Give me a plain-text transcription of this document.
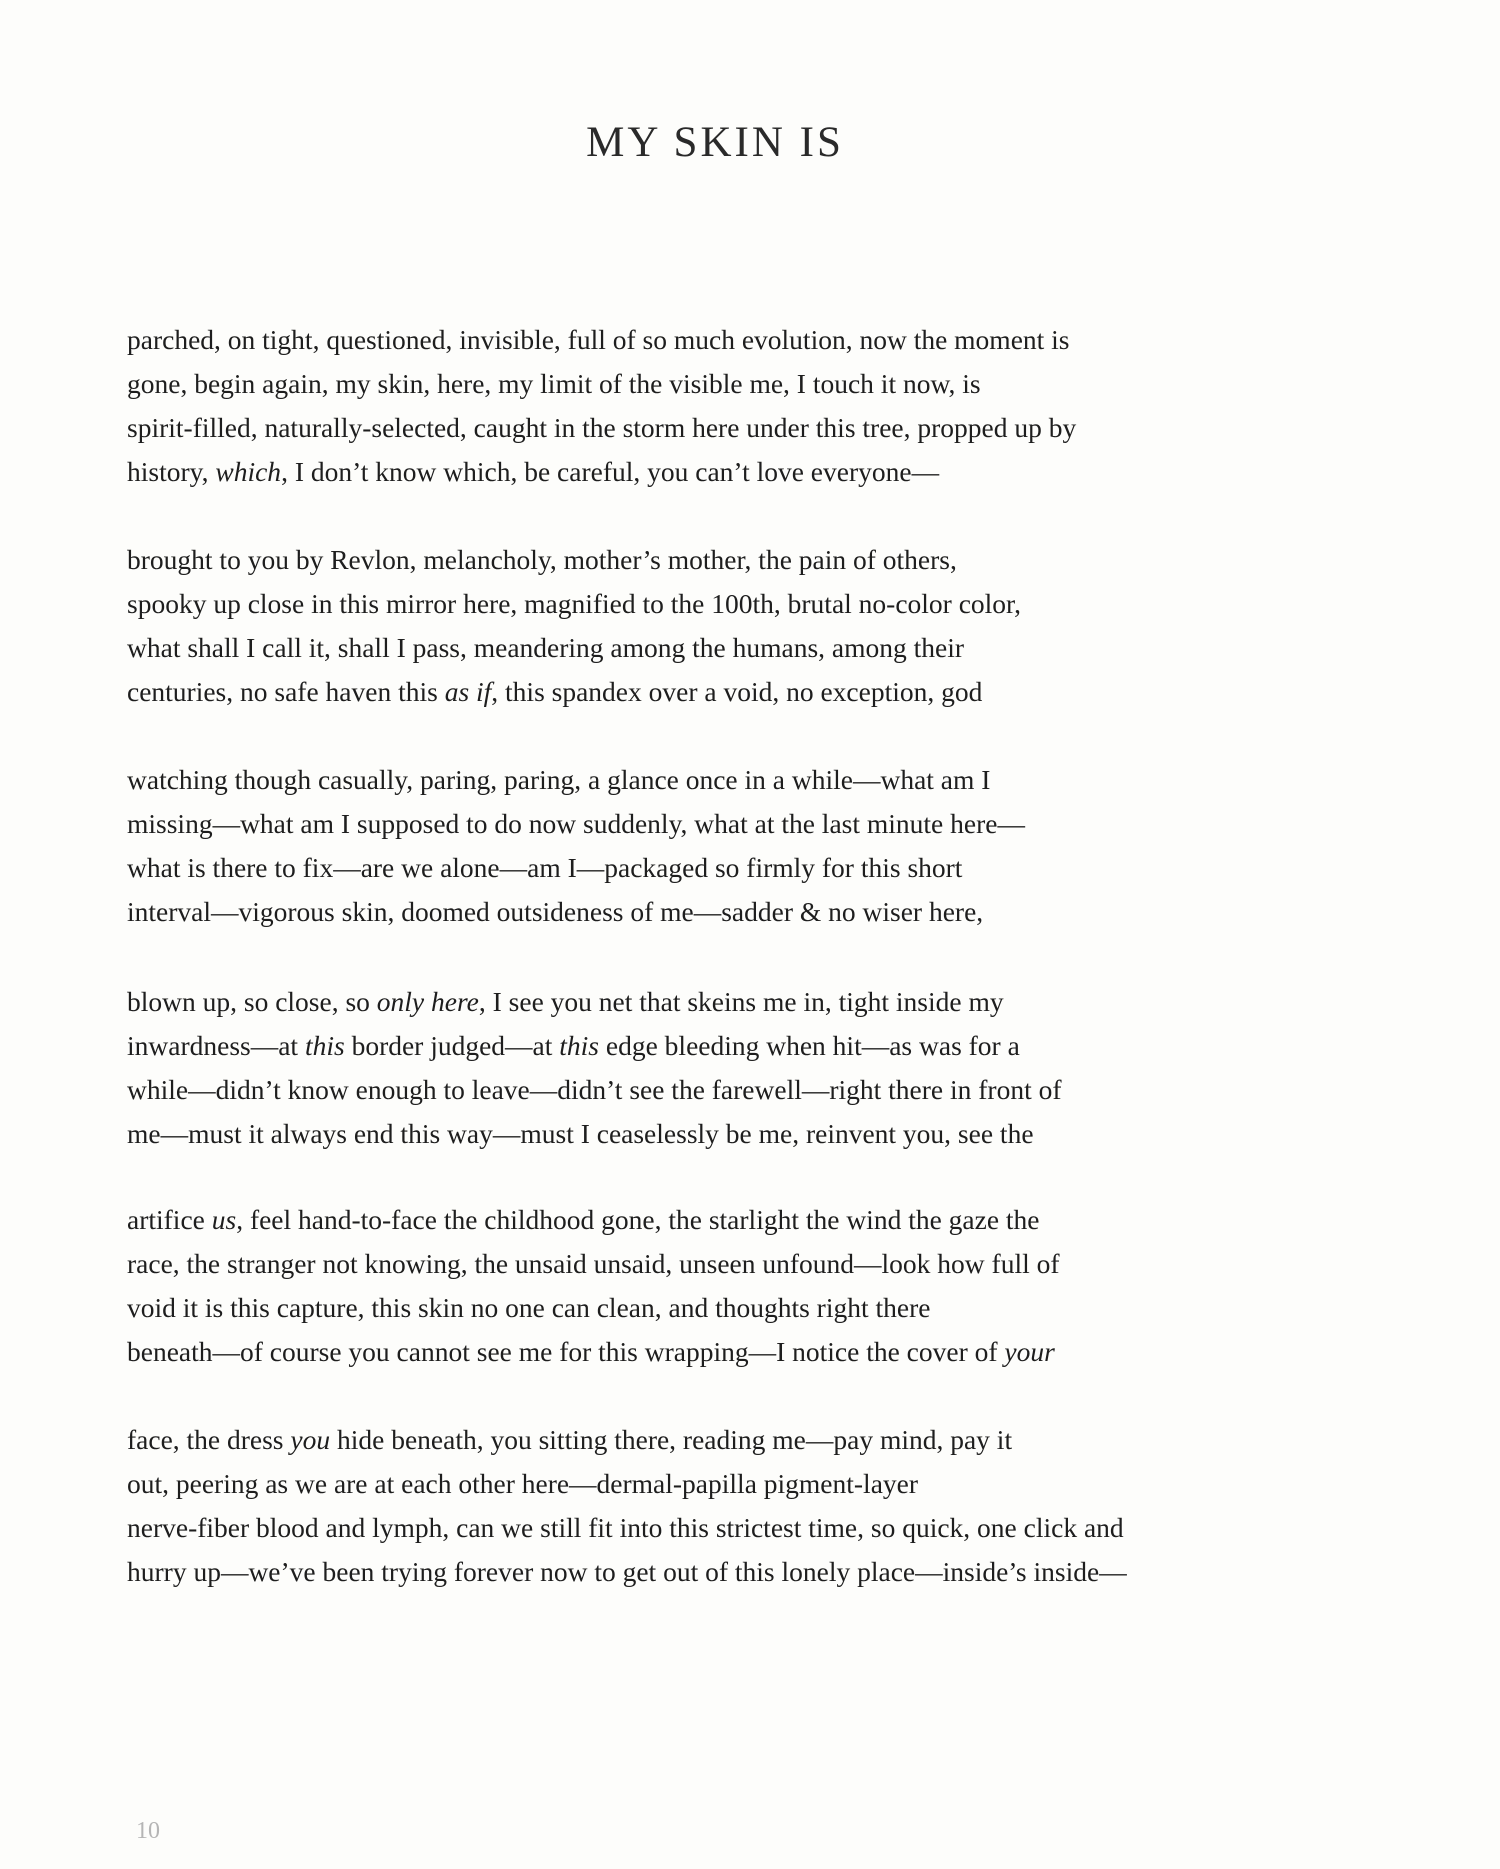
MY SKIN IS
parched, on tight, questioned, invisible, full of so much evolution, now the moment is
gone, begin again, my skin, here, my limit of the visible me, I touch it now, is
spirit-filled, naturally-selected, caught in the storm here under this tree, propped up by
history, which, I don’t know which, be careful, you can’t love everyone—
brought to you by Revlon, melancholy, mother’s mother, the pain of others,
spooky up close in this mirror here, magnified to the 100th, brutal no-color color,
what shall I call it, shall I pass, meandering among the humans, among their
centuries, no safe haven this as if, this spandex over a void, no exception, god
watching though casually, paring, paring, a glance once in a while—what am I
missing—what am I supposed to do now suddenly, what at the last minute here—
what is there to fix—are we alone—am I—packaged so firmly for this short
interval—vigorous skin, doomed outsideness of me—sadder & no wiser here,
blown up, so close, so only here, I see you net that skeins me in, tight inside my
inwardness—at this border judged—at this edge bleeding when hit—as was for a
while—didn’t know enough to leave—didn’t see the farewell—right there in front of
me—must it always end this way—must I ceaselessly be me, reinvent you, see the
artifice us, feel hand-to-face the childhood gone, the starlight the wind the gaze the
race, the stranger not knowing, the unsaid unsaid, unseen unfound—look how full of
void it is this capture, this skin no one can clean, and thoughts right there
beneath—of course you cannot see me for this wrapping—I notice the cover of your
face, the dress you hide beneath, you sitting there, reading me—pay mind, pay it
out, peering as we are at each other here—dermal-papilla pigment-layer
nerve-fiber blood and lymph, can we still fit into this strictest time, so quick, one click and
hurry up—we’ve been trying forever now to get out of this lonely place—inside’s inside—

10
